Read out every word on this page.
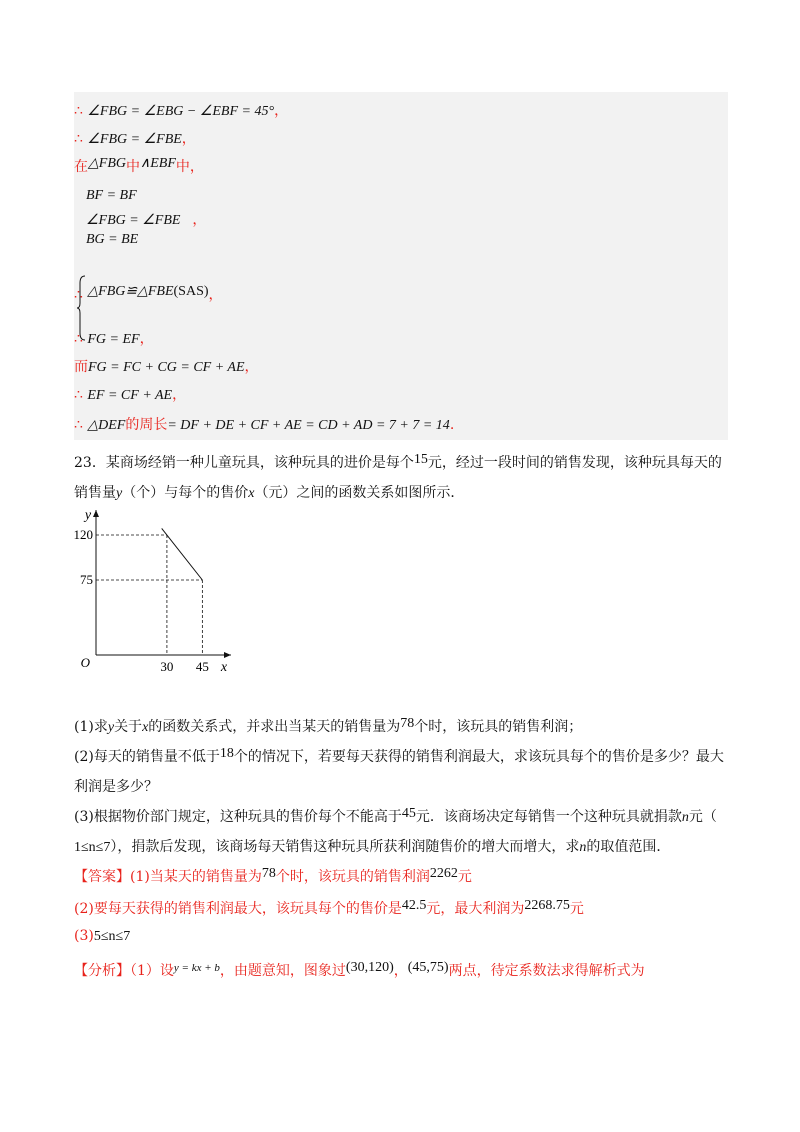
∴ ∠FBG = ∠EBG − ∠EBF = 45°，
∴ ∠FBG = ∠FBE，
在△FBG中∧EBF中，
BF = BF
∠FBG = ∠FBE ，
BG = BE
∴ △FBG≌△FBE(SAS)，
∴ FG = EF，
而FG = FC + CG = CF + AE，
∴ EF = CF + AE，
∴ △DEF的周长= DF + DE + CF + AE = CD + AD = 7 + 7 = 14.
23．某商场经销一种儿童玩具，该种玩具的进价是每个15元，经过一段时间的销售发现，该种玩具每天的
销售量y（个）与每个的售价x（元）之间的函数关系如图所示．
30 45
120
75
O	x
y
(1)求y关于x的函数关系式，并求出当某天的销售量为78个时，该玩具的销售利润；
(2)每天的销售量不低于18个的情况下，若要每天获得的销售利润最大，求该玩具每个的售价是多少？最大
利润是多少？
(3)根据物价部门规定，这种玩具的售价每个不能高于45元．该商场决定每销售一个这种玩具就捐款n元（
1≤n≤7），捐款后发现，该商场每天销售这种玩具所获利润随售价的增大而增大，求n的取值范围．
【答案】(1)当某天的销售量为78个时，该玩具的销售利润2262元
(2)要每天获得的销售利润最大，该玩具每个的售价是42.5元，最大利润为2268.75元
(3)5≤n≤7
【分析】（1）设$^{y = kx + b}$，由题意知，图象过(30,120)，(45,75)两点，待定系数法求得解析式为
